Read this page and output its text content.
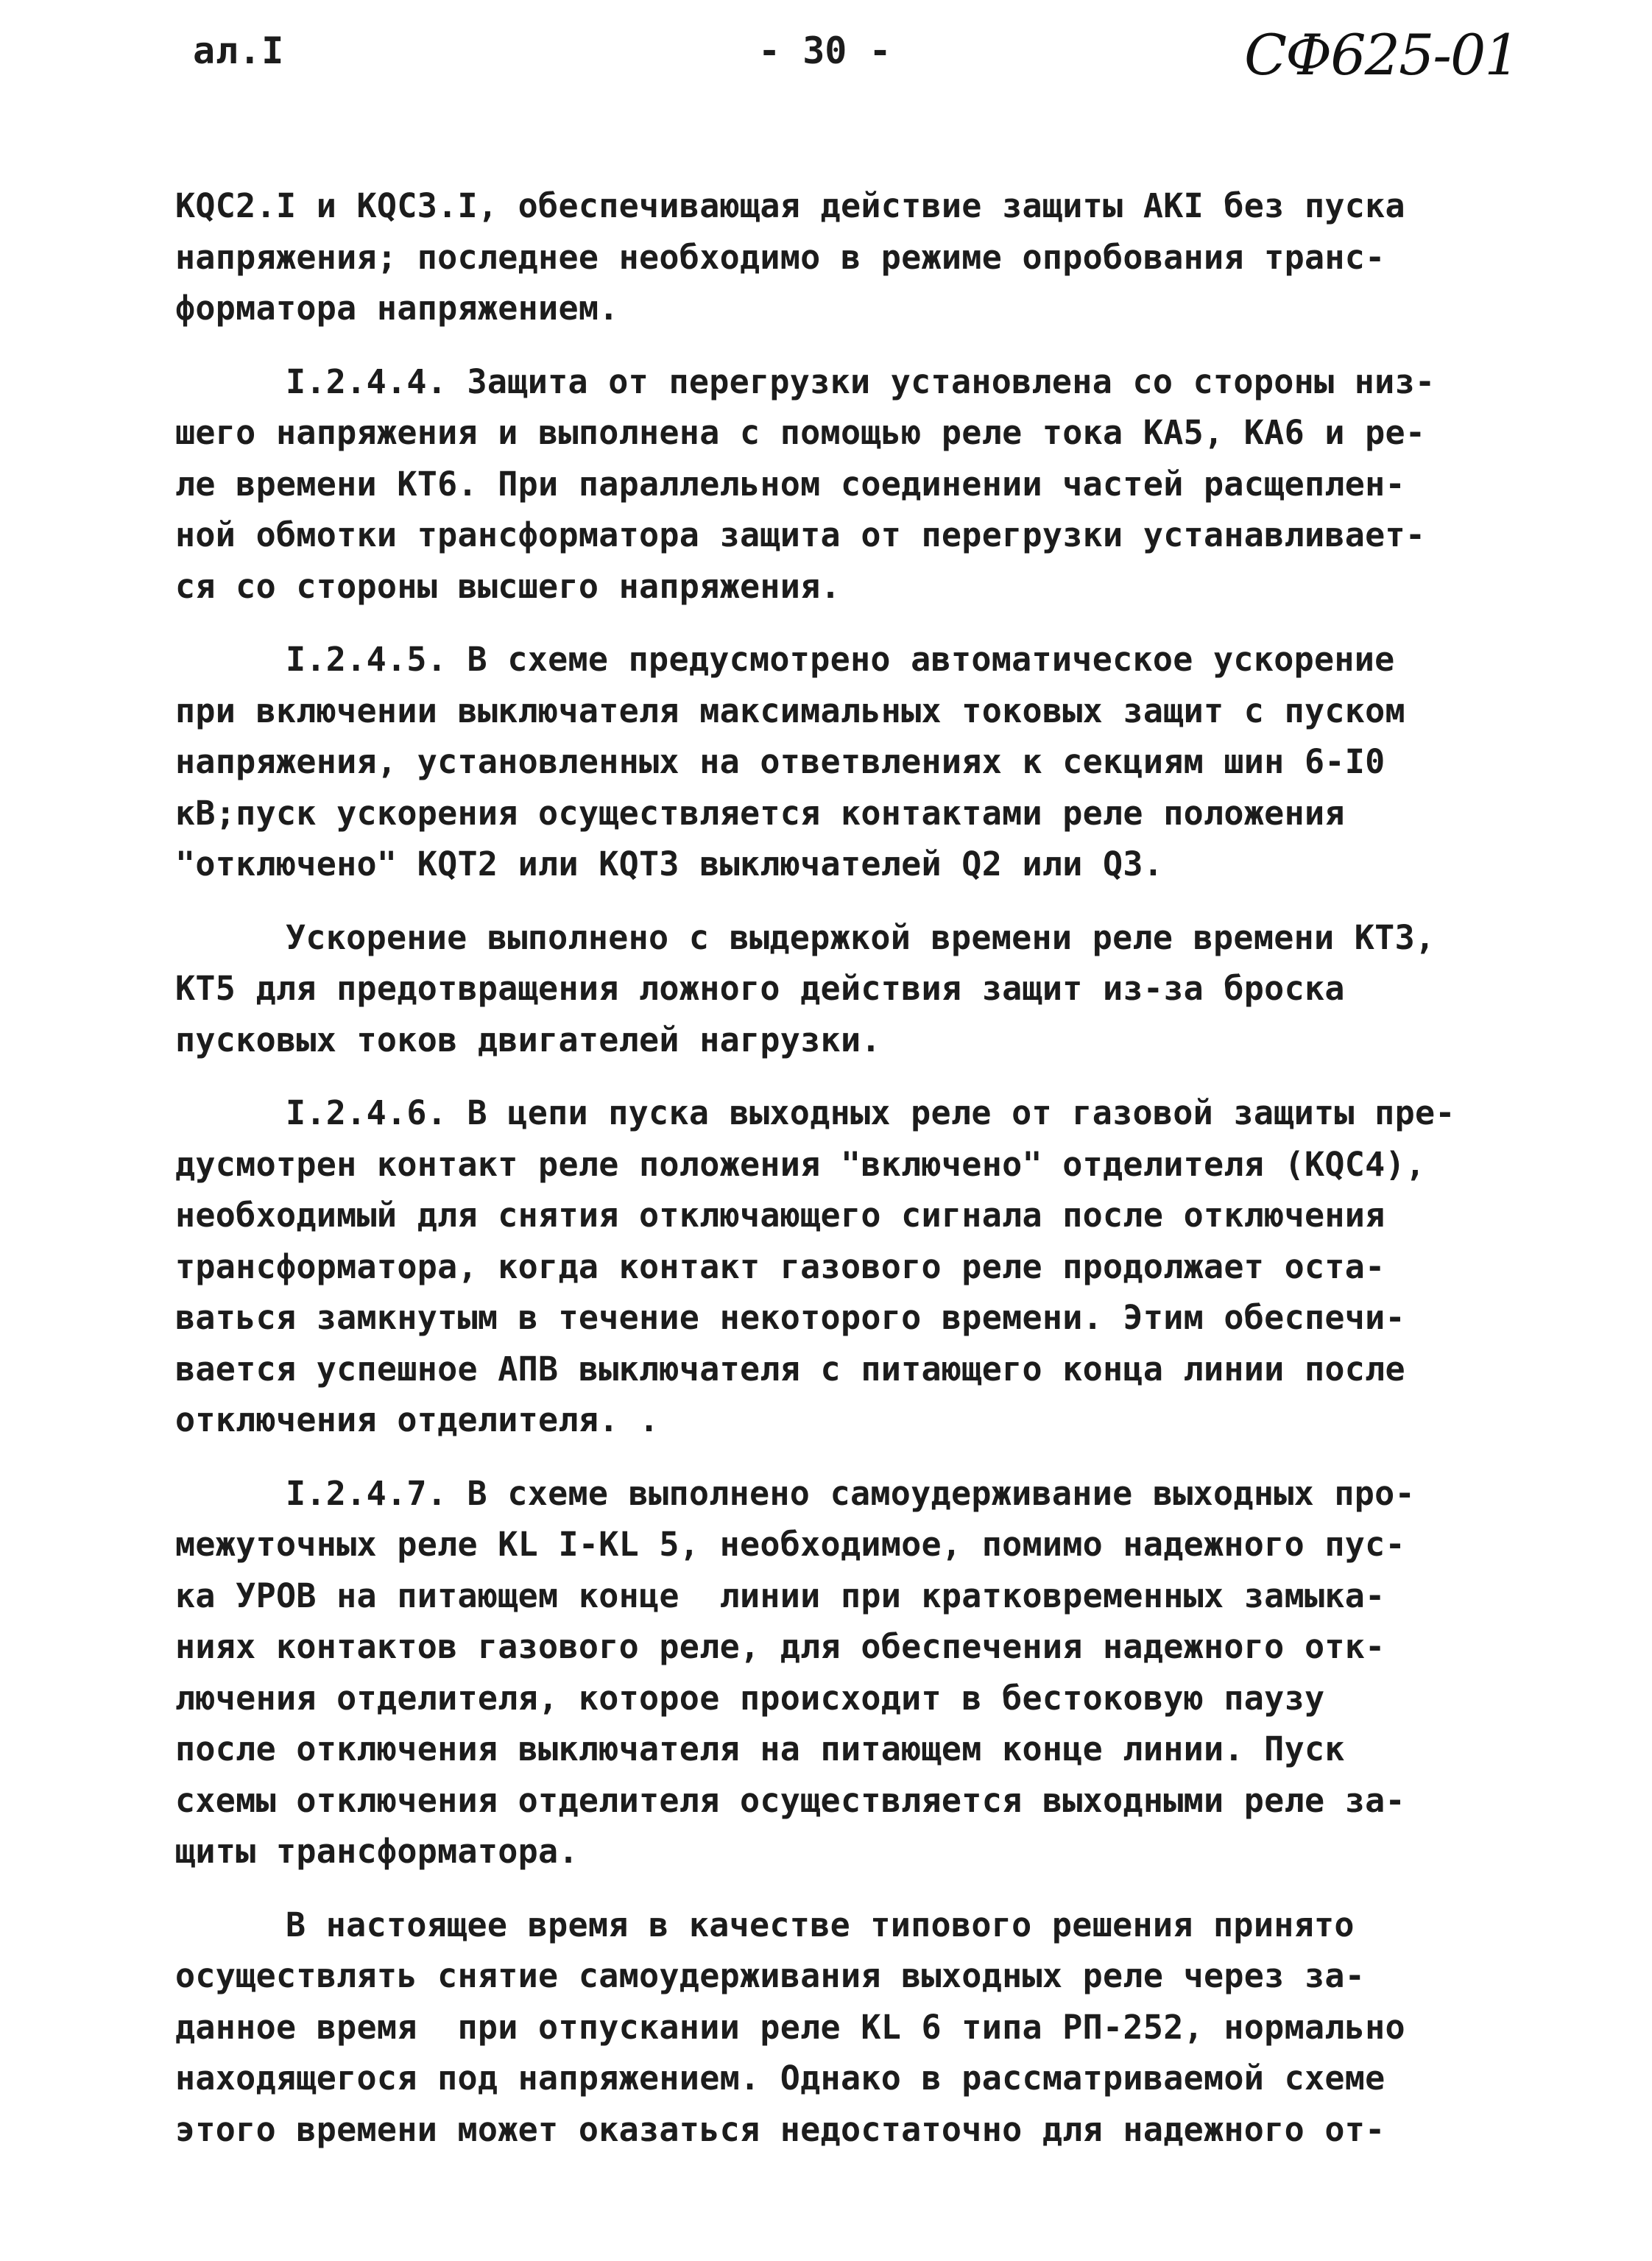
ал.I	- 30 -	СФ625-01
KQC2.I и KQC3.I, обеспечивающая действие защиты АКI без пуска
напряжения; последнее необходимо в режиме опробования транс-
форматора напряжением.
I.2.4.4. Защита от перегрузки установлена со стороны низ-
шего напряжения и выполнена с помощью реле тока КА5, КА6 и ре-
ле времени КТ6. При параллельном соединении частей расщеплен-
ной обмотки трансформатора защита от перегрузки устанавливает-
ся со стороны высшего напряжения.
I.2.4.5. В схеме предусмотрено автоматическое ускорение
при включении выключателя максимальных токовых защит с пуском
напряжения, установленных на ответвлениях к секциям шин 6-I0
кВ;пуск ускорения осуществляется контактами реле положения
"отключено" KQT2 или KQT3 выключателей Q2 или Q3.
Ускорение выполнено с выдержкой времени реле времени КТ3,
КТ5 для предотвращения ложного действия защит из-за броска
пусковых токов двигателей нагрузки.
I.2.4.6. В цепи пуска выходных реле от газовой защиты пре-
дусмотрен контакт реле положения "включено" отделителя (KQC4),
необходимый для снятия отключающего сигнала после отключения
трансформатора, когда контакт газового реле продолжает оста-
ваться замкнутым в течение некоторого времени. Этим обеспечи-
вается успешное АПВ выключателя с питающего конца линии после
отключения отделителя. .
I.2.4.7. В схеме выполнено самоудерживание выходных про-
межуточных реле KL I-KL 5, необходимое, помимо надежного пус-
ка УРОВ на питающем конце  линии при кратковременных замыка-
ниях контактов газового реле, для обеспечения надежного отк-
лючения отделителя, которое происходит в бестоковую паузу
после отключения выключателя на питающем конце линии. Пуск
схемы отключения отделителя осуществляется выходными реле за-
щиты трансформатора.
В настоящее время в качестве типового решения принято
осуществлять снятие самоудерживания выходных реле через за-
данное время  при отпускании реле KL 6 типа РП-252, нормально
находящегося под напряжением. Однако в рассматриваемой схеме
этого времени может оказаться недостаточно для надежного от-
